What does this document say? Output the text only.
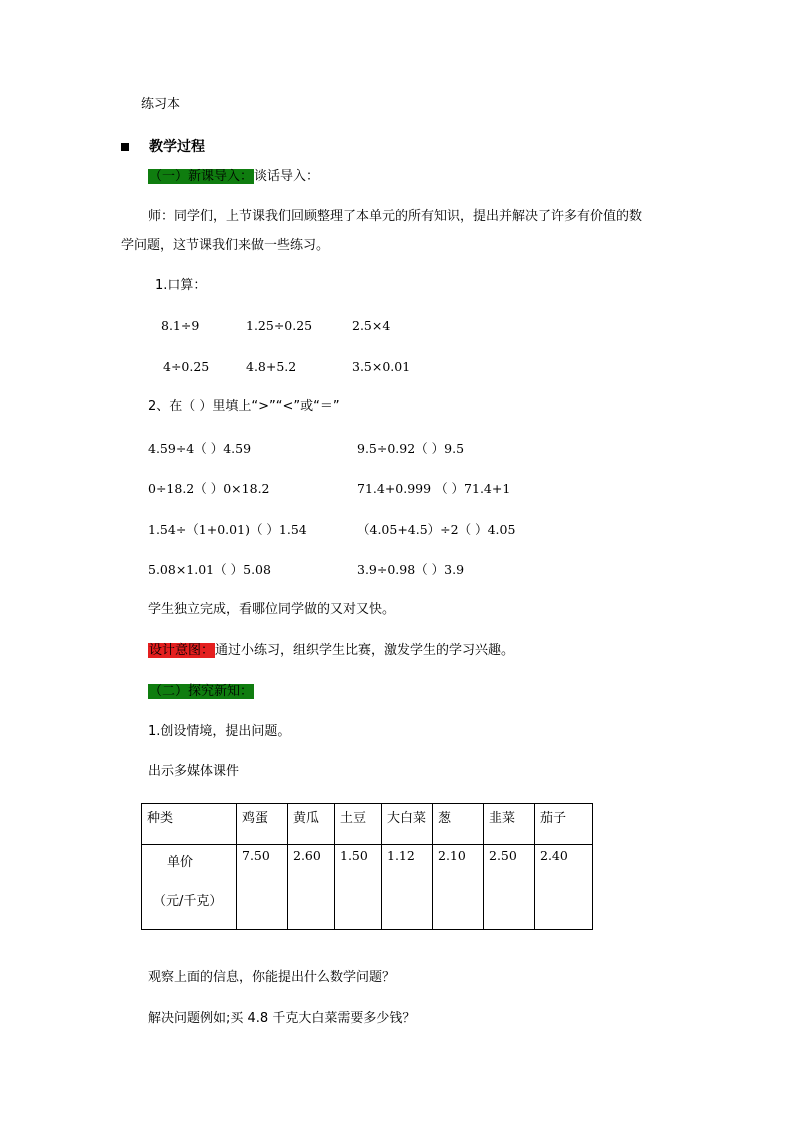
练习本
教学过程
（一）新课导入：谈话导入：
师：同学们，上节课我们回顾整理了本单元的所有知识，提出并解决了许多有价值的数
学问题，这节课我们来做一些练习。
1.口算：
8.1÷9	1.25÷0.25	2.5×4
4÷0.25	4.8+5.2	3.5×0.01
2、在（ ）里填上“>”“<”或“＝”
4.59÷4（ ）4.59	9.5÷0.92（ ）9.5
0÷18.2（ ）0×18.2	71.4+0.999 （ ）71.4+1
1.54÷（1+0.01)（ ）1.54	（4.05+4.5）÷2（ ）4.05
5.08×1.01（ ）5.08	3.9÷0.98（ ）3.9
学生独立完成，看哪位同学做的又对又快。
设计意图：通过小练习，组织学生比赛，激发学生的学习兴趣。
（二）探究新知：
1.创设情境，提出问题。
出示多媒体课件
种类	鸡蛋	黄瓜	土豆	大白菜	葱	韭菜	茄子

单价
（元/千克）	7.50	2.60	1.50	1.12	2.10	2.50	2.40
观察上面的信息，你能提出什么数学问题？
解决问题例如;买 4.8 千克大白菜需要多少钱？
